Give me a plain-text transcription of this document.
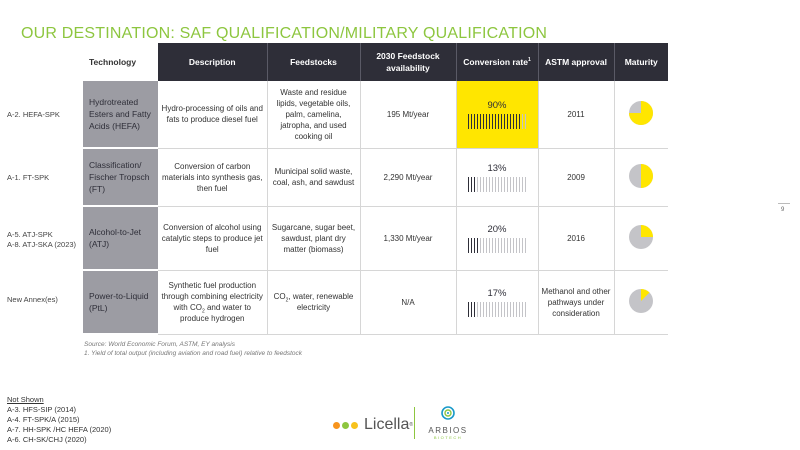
OUR DESTINATION: SAF QUALIFICATION/MILITARY QUALIFICATION
9
A-2. HEFA-SPK
A-1. FT-SPK
A-5. ATJ-SPK
A-8. ATJ-SKA (2023)
New Annex(es)
Technology	Description	Feedstocks	2030 Feedstock availability	Conversion rate$^1$	ASTM approval	Maturity
Hydrotreated Esters and Fatty Acids (HEFA)	Hydro-processing of oils and fats to produce diesel fuel	Waste and residue lipids, vegetable oils, palm, camelina, jatropha, and used cooking oil	195 Mt/year	90%	2011	
Classification/ Fischer Tropsch (FT)	Conversion of carbon materials into synthesis gas, then fuel	Municipal solid waste, coal, ash, and sawdust	2,290 Mt/year	13%	2009	
Alcohol-to-Jet (ATJ)	Conversion of alcohol using catalytic steps to produce jet fuel	Sugarcane, sugar beet, sawdust, plant dry matter (biomass)	1,330 Mt/year	20%	2016	
Power-to-Liquid (PtL)	Synthetic fuel production through combining electricity with $CO_2$ and water to produce hydrogen	$CO_2$, water, renewable electricity	N/A	17%	Methanol and other pathways under consideration	
Source: World Economic Forum, ASTM, EY analysis
1. Yield of total output (including aviation and road fuel) relative to feedstock
Not Shown
A-3. HFS-SIP (2014)
A-4. FT-SPK/A (2015)
A-7. HH-SPK /HC HEFA (2020)
A-6. CH-SK/CHJ (2020)
Licella ®
ARBIOS
BIOTECH
